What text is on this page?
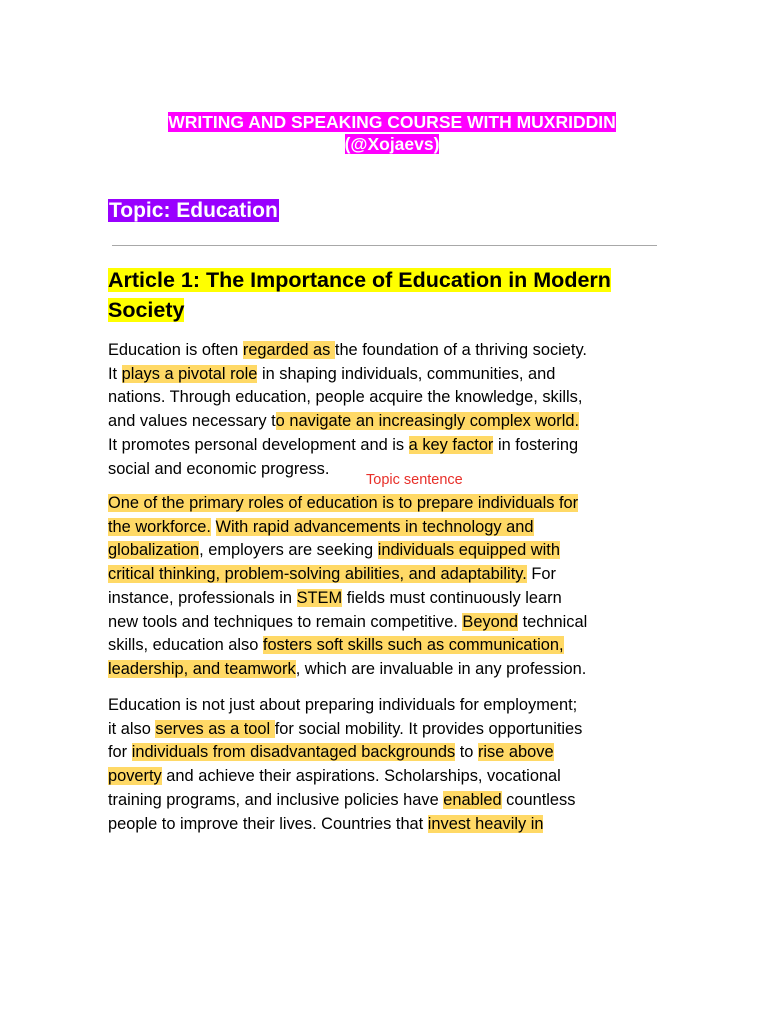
WRITING AND SPEAKING COURSE WITH MUXRIDDIN
(@Xojaevs)
Topic: Education
Article 1: The Importance of Education in Modern
Society

Education is often regarded as the foundation of a thriving society.
It plays a pivotal role in shaping individuals, communities, and
nations. Through education, people acquire the knowledge, skills,
and values necessary to navigate an increasingly complex world.
It promotes personal development and is a key factor in fostering
social and economic progress.

Topic sentence

One of the primary roles of education is to prepare individuals for
the workforce. With rapid advancements in technology and
globalization, employers are seeking individuals equipped with
critical thinking, problem-solving abilities, and adaptability. For
instance, professionals in STEM fields must continuously learn
new tools and techniques to remain competitive. Beyond technical
skills, education also fosters soft skills such as communication,
leadership, and teamwork, which are invaluable in any profession.

Education is not just about preparing individuals for employment;
it also serves as a tool for social mobility. It provides opportunities
for individuals from disadvantaged backgrounds to rise above
poverty and achieve their aspirations. Scholarships, vocational
training programs, and inclusive policies have enabled countless
people to improve their lives. Countries that invest heavily in
